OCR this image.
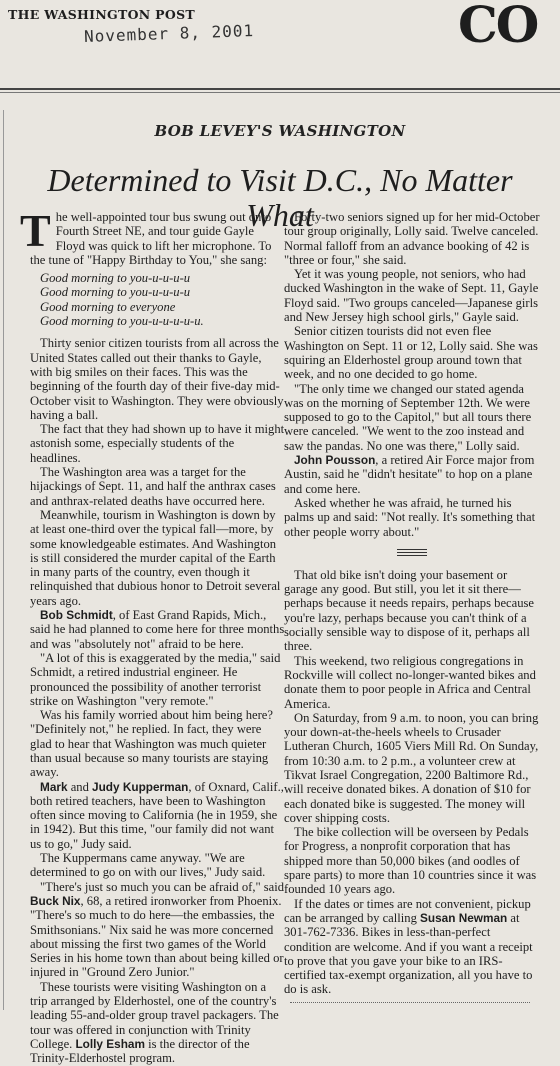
THE WASHINGTON POST
November 8, 2001	CO
BOB LEVEY'S WASHINGTON
Determined to Visit D.C., No Matter What

The well-appointed tour bus swung out onto Fourth Street NE, and tour guide Gayle Floyd was quick to lift her microphone. To the tune of "Happy Birthday to You," she sang:

Good morning to you-u-u-u-u

Good morning to you-u-u-u-u

Good morning to everyone

Good morning to you-u-u-u-u-u.

Thirty senior citizen tourists from all across the United States called out their thanks to Gayle, with big smiles on their faces. This was the beginning of the fourth day of their five-day mid-October visit to Washington. They were obviously having a ball.

The fact that they had shown up to have it might astonish some, especially students of the headlines.

The Washington area was a target for the hijackings of Sept. 11, and half the anthrax cases and anthrax-related deaths have occurred here.

Meanwhile, tourism in Washington is down by at least one-third over the typical fall—more, by some knowledgeable estimates. And Washington is still considered the murder capital of the Earth in many parts of the country, even though it relinquished that dubious honor to Detroit several years ago.

Bob Schmidt, of East Grand Rapids, Mich., said he had planned to come here for three months and was "absolutely not" afraid to be here.

"A lot of this is exaggerated by the media," said Schmidt, a retired industrial engineer. He pronounced the possibility of another terrorist strike on Washington "very remote."

Was his family worried about him being here? "Definitely not," he replied. In fact, they were glad to hear that Washington was much quieter than usual because so many tourists are staying away.

Mark and Judy Kupperman, of Oxnard, Calif., both retired teachers, have been to Washington often since moving to California (he in 1959, she in 1942). But this time, "our family did not want us to go," Judy said.

The Kuppermans came anyway. "We are determined to go on with our lives," Judy said.

"There's just so much you can be afraid of," said Buck Nix, 68, a retired ironworker from Phoenix. "There's so much to do here—the embassies, the Smithsonians." Nix said he was more concerned about missing the first two games of the World Series in his home town than about being killed or injured in "Ground Zero Junior."

These tourists were visiting Washington on a trip arranged by Elderhostel, one of the country's leading 55-and-older group travel packagers. The tour was offered in conjunction with Trinity College. Lolly Esham is the director of the Trinity-Elderhostel program.

Forty-two seniors signed up for her mid-October tour group originally, Lolly said. Twelve canceled. Normal falloff from an advance booking of 42 is "three or four," she said.

Yet it was young people, not seniors, who had ducked Washington in the wake of Sept. 11, Gayle Floyd said. "Two groups canceled—Japanese girls and New Jersey high school girls," Gayle said.

Senior citizen tourists did not even flee Washington on Sept. 11 or 12, Lolly said. She was squiring an Elderhostel group around town that week, and no one decided to go home.

"The only time we changed our stated agenda was on the morning of September 12th. We were supposed to go to the Capitol," but all tours there were canceled. "We went to the zoo instead and saw the pandas. No one was there," Lolly said.

John Pousson, a retired Air Force major from Austin, said he "didn't hesitate" to hop on a plane and come here.

Asked whether he was afraid, he turned his palms up and said: "Not really. It's something that other people worry about."

That old bike isn't doing your basement or garage any good. But still, you let it sit there—perhaps because it needs repairs, perhaps because you're lazy, perhaps because you can't think of a socially sensible way to dispose of it, perhaps all three.

This weekend, two religious congregations in Rockville will collect no-longer-wanted bikes and donate them to poor people in Africa and Central America.

On Saturday, from 9 a.m. to noon, you can bring your down-at-the-heels wheels to Crusader Lutheran Church, 1605 Viers Mill Rd. On Sunday, from 10:30 a.m. to 2 p.m., a volunteer crew at Tikvat Israel Congregation, 2200 Baltimore Rd., will receive donated bikes. A donation of $10 for each donated bike is suggested. The money will cover shipping costs.

The bike collection will be overseen by Pedals for Progress, a nonprofit corporation that has shipped more than 50,000 bikes (and oodles of spare parts) to more than 10 countries since it was founded 10 years ago.

If the dates or times are not convenient, pickup can be arranged by calling Susan Newman at 301-762-7336. Bikes in less-than-perfect condition are welcome. And if you want a receipt to prove that you gave your bike to an IRS-certified tax-exempt organization, all you have to do is ask.
